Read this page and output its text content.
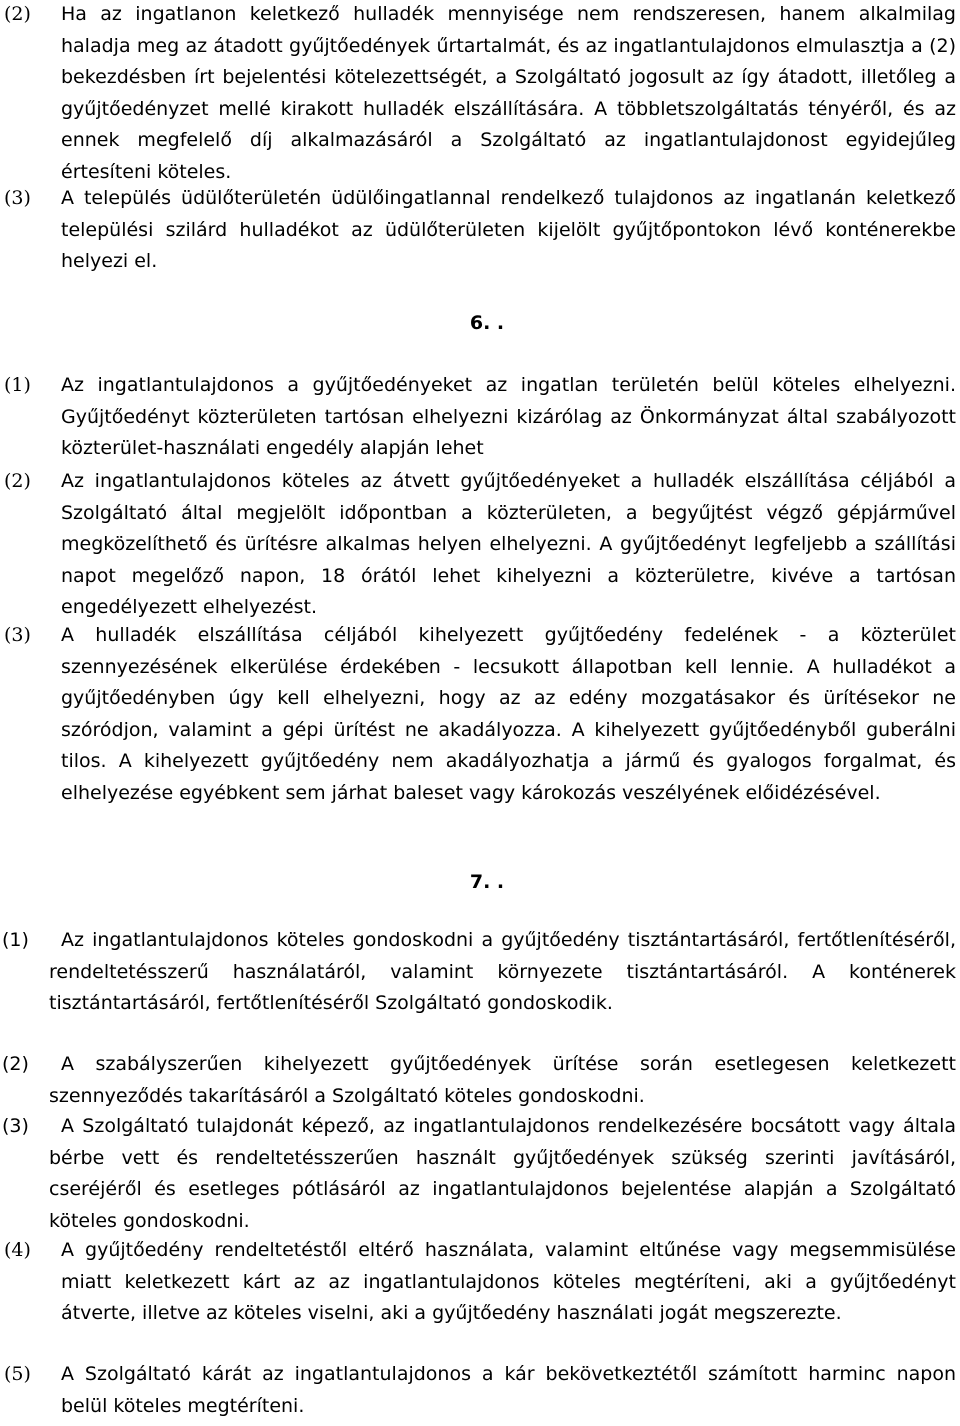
(2) Ha az ingatlanon keletkező hulladék mennyisége nem rendszeresen, hanem alkalmilag haladja meg az átadott gyűjtőedények űrtartalmát, és az ingatlantulajdonos elmulasztja a (2) bekezdésben írt bejelentési kötelezettségét, a Szolgáltató jogosult az így átadott, illetőleg a gyűjtőedényzet mellé kirakott hulladék elszállítására. A többletszolgáltatás tényéről, és az ennek megfelelő díj alkalmazásáról a Szolgáltató az ingatlantulajdonost egyidejűleg értesíteni köteles.
(3) A település üdülőterületén üdülőingatlannal rendelkező tulajdonos az ingatlanán keletkező települési szilárd hulladékot az üdülőterületen kijelölt gyűjtőpontokon lévő konténerekbe helyezi el.
6. .
(1) Az ingatlantulajdonos a gyűjtőedényeket az ingatlan területén belül köteles elhelyezni. Gyűjtőedényt közterületen tartósan elhelyezni kizárólag az Önkormányzat által szabályozott közterület-használati engedély alapján lehet
(2) Az ingatlantulajdonos köteles az átvett gyűjtőedényeket a hulladék elszállítása céljából a Szolgáltató által megjelölt időpontban a közterületen, a begyűjtést végző gépjárművel megközelíthető és ürítésre alkalmas helyen elhelyezni. A gyűjtőedényt legfeljebb a szállítási napot megelőző napon, 18 órától lehet kihelyezni a közterületre, kivéve a tartósan engedélyezett elhelyezést.
(3) A hulladék elszállítása céljából kihelyezett gyűjtőedény fedelének - a közterület szennyezésének elkerülése érdekében - lecsukott állapotban kell lennie. A hulladékot a gyűjtőedényben úgy kell elhelyezni, hogy az az edény mozgatásakor és ürítésekor ne szóródjon, valamint a gépi ürítést ne akadályozza. A kihelyezett gyűjtőedényből guberálni tilos. A kihelyezett gyűjtőedény nem akadályozhatja a jármű és gyalogos forgalmat, és elhelyezése egyébkent sem járhat baleset vagy károkozás veszélyének előidézésével.
7. .
(1)	Az ingatlantulajdonos köteles gondoskodni a gyűjtőedény tisztántartásáról, fertőtlenítéséről, rendeltetésszerű használatáról, valamint környezete tisztántartásáról. A konténerek tisztántartásáról, fertőtlenítéséről Szolgáltató gondoskodik.
(2)	A szabályszerűen kihelyezett gyűjtőedények ürítése során esetlegesen keletkezett szennyeződés takarításáról a Szolgáltató köteles gondoskodni.
(3)	A Szolgáltató tulajdonát képező, az ingatlantulajdonos rendelkezésére bocsátott vagy általa bérbe vett és rendeltetésszerűen használt gyűjtőedények szükség szerinti javításáról, cseréjéről és esetleges pótlásáról az ingatlantulajdonos bejelentése alapján a Szolgáltató köteles gondoskodni.
(4) A gyűjtőedény rendeltetéstől eltérő használata, valamint eltűnése vagy megsemmisülése miatt keletkezett kárt az az ingatlantulajdonos köteles megtéríteni, aki a gyűjtőedényt átverte, illetve az köteles viselni, aki a gyűjtőedény használati jogát megszerezte.
(5) A Szolgáltató kárát az ingatlantulajdonos a kár bekövetkeztétől számított harminc napon belül köteles megtéríteni.
